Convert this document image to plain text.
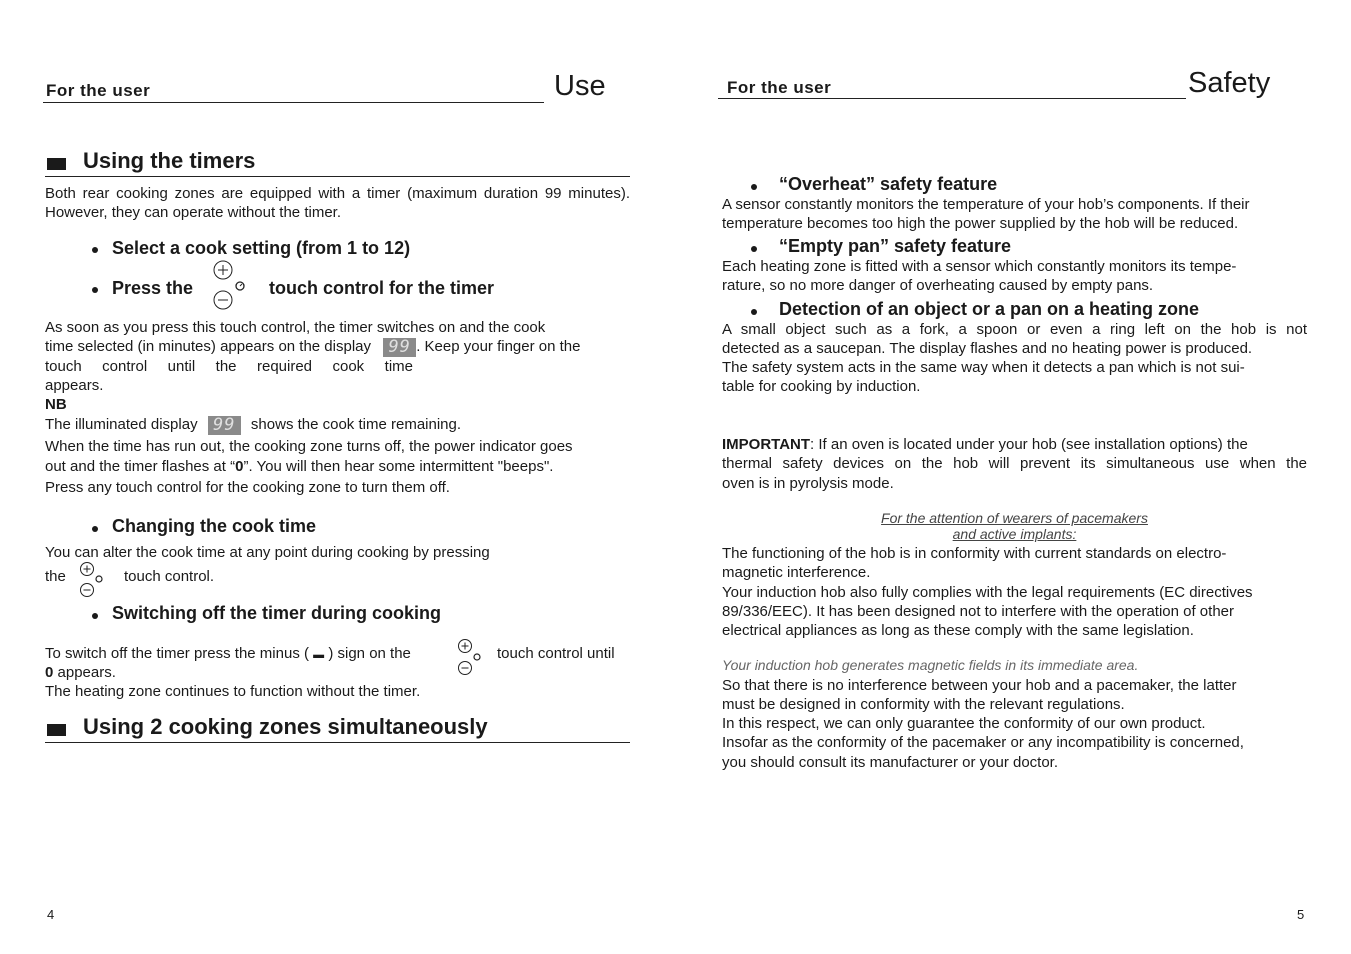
For the user	Use
Using the timers

Both rear cooking zones are equipped with a timer (maximum duration 99 minutes). However, they can operate without the timer.

Select a cook setting (from 1 to 12)
Press the	touch control for the timer

As soon as you press this touch control, the timer switches on and the cook

time selected (in minutes) appears on the display 99 . Keep your finger on the

touch control until the required cook time

appears.

NB

The illuminated display 99 shows the cook time remaining.

When the time has run out, the cooking zone turns off, the power indicator goes

out and the timer flashes at “0”. You will then hear some intermittent "beeps".

Press any touch control for the cooking zone to turn them off.

Changing the cook time

You can alter the cook time at any point during cooking by pressing

the	touch control.

Switching off the timer during cooking
To switch off the timer press the minus ( ▬ ) sign on the	touch control until

0 appears.

The heating zone continues to function without the timer.

Using 2 cooking zones simultaneously
4
For the user	Safety
“Overheat” safety feature

A sensor constantly monitors the temperature of your hob’s components. If their

temperature becomes too high the power supplied by the hob will be reduced.

“Empty pan” safety feature

Each heating zone is fitted with a sensor which constantly monitors its tempe-

rature, so no more danger of overheating caused by empty pans.

Detection of an object or a pan on a heating zone

A small object such as a fork, a spoon or even a ring left on the hob is not

detected as a saucepan. The display flashes and no heating power is produced.

The safety system acts in the same way when it detects a pan which is not sui-

table for cooking by induction.

IMPORTANT: If an oven is located under your hob (see installation options) the

thermal safety devices on the hob will prevent its simultaneous use when the

oven is in pyrolysis mode.

For the attention of wearers of pacemakers
and active implants:

The functioning of the hob is in conformity with current standards on electro-

magnetic interference.

Your induction hob also fully complies with the legal requirements (EC directives

89/336/EEC). It has been designed not to interfere with the operation of other

electrical appliances as long as these comply with the same legislation.

Your induction hob generates magnetic fields in its immediate area.

So that there is no interference between your hob and a pacemaker, the latter

must be designed in conformity with the relevant regulations.

In this respect, we can only guarantee the conformity of our own product.

Insofar as the conformity of the pacemaker or any incompatibility is concerned,

you should consult its manufacturer or your doctor.

5
